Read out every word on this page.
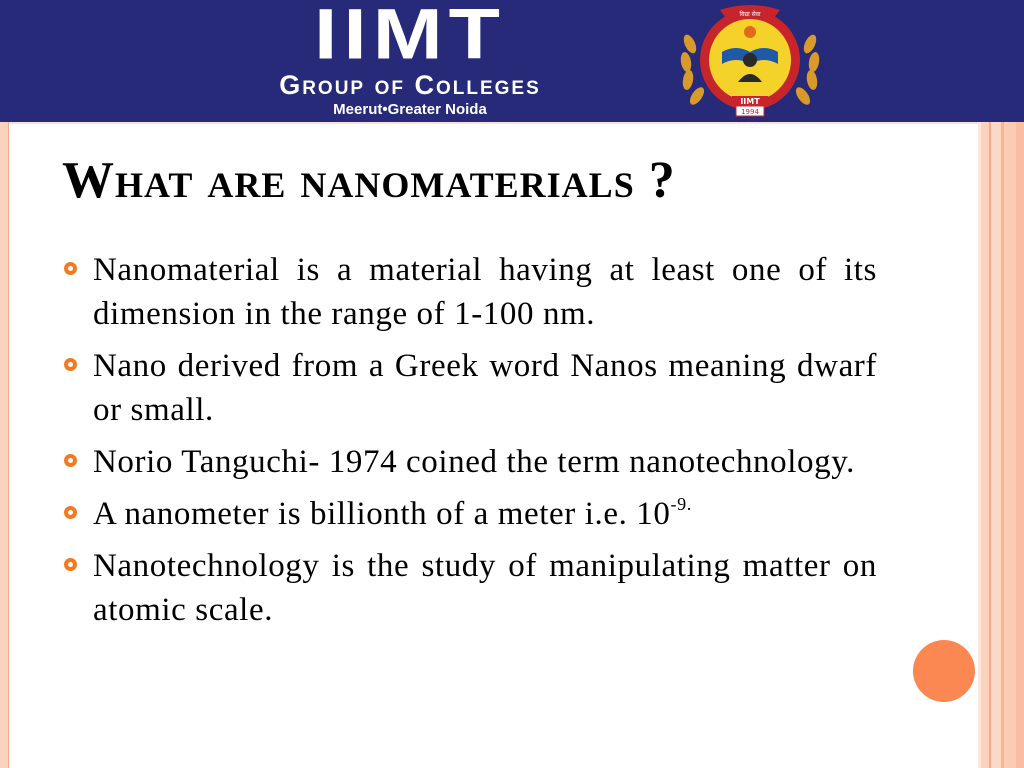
IIMT
Group of Colleges
Meerut•Greater Noida
विद्या सेवा
IIMT
1994
What are nanomaterials ?
Nanomaterial is a material having at least one of its dimension in the range of 1-100 nm.
Nano derived from a Greek word Nanos meaning dwarf or small.
Norio Tanguchi- 1974 coined the term nanotechnology.
A nanometer is billionth of a meter i.e. $10^{-9.}$
Nanotechnology is the study of manipulating matter on atomic scale.
